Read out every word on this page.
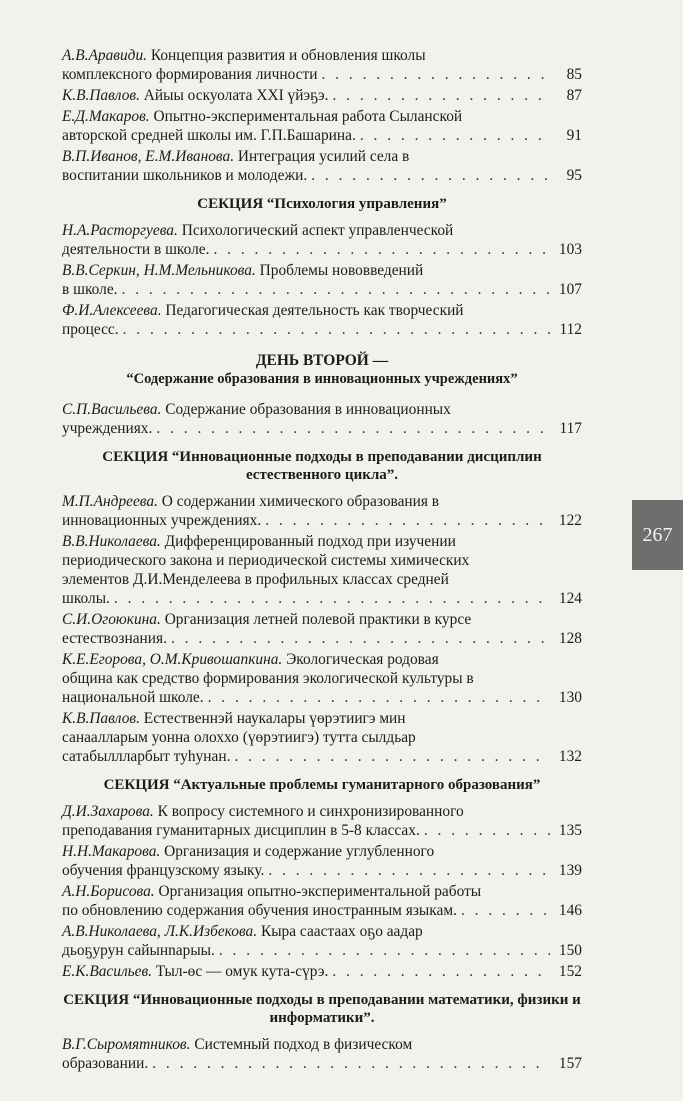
А.В.Аравиди. Концепция развития и обновления школы
комплексного формирования личности . . .	85
К.В.Павлов. Айыы оскуолата XXI үйэҕэ. . . .	87
Е.Д.Макаров. Опытно-экспериментальная работа Сыланской
авторской средней школы им. Г.П.Башарина. . . .	91
В.П.Иванов, Е.М.Иванова. Интеграция усилий села в
воспитании школьников и молодежи. . . .	95
СЕКЦИЯ “Психология управления”
Н.А.Расторгуева. Психологический аспект управленческой
деятельности в школе. . . .	103
В.В.Серкин, Н.М.Мельникова. Проблемы нововведений
в школе. . . .	107
Ф.И.Алексеева. Педагогическая деятельность как творческий
процесс. . . .	112
ДЕНЬ ВТОРОЙ —
“Содержание образования в инновационных учреждениях”
С.П.Васильева. Содержание образования в инновационных
учреждениях. . . .	117
СЕКЦИЯ “Инновационные подходы в преподавании дисциплин естественного цикла”.
М.П.Андреева. О содержании химического образования в
инновационных учреждениях. . . .	122
В.В.Николаева. Дифференцированный подход при изучении
периодического закона и периодической системы химических
элементов Д.И.Менделеева в профильных классах средней
школы. . . .	124
С.И.Огоюкина. Организация летней полевой практики в курсе
естествознания. . . .	128
К.Е.Егорова, О.М.Кривошапкина. Экологическая родовая
община как средство формирования экологической культуры в
национальной школе. . . .	130
К.В.Павлов. Естественнэй наукалары үөрэтиигэ мин
санаалларым уонна олоххо (үөрэтиигэ) тутта сылдьар
сатабыллларбыт туһунан. . . .	132
СЕКЦИЯ “Актуальные проблемы гуманитарного образования”
Д.И.Захарова. К вопросу системного и синхронизированного
преподавания гуманитарных дисциплин в 5-8 классах. . . .	135
Н.Н.Макарова. Организация и содержание углубленного
обучения французскому языку. . . .	139
А.Н.Борисова. Организация опытно-экспериментальной работы
по обновлению содержания обучения иностранным языкам. . . .	146
А.В.Николаева, Л.К.Избекова. Кыра саастаах оҕо аадар
дьоҕурун сайынnарыы. . . .	150
Е.К.Васильев. Тыл-өс — омук кута-сүрэ. . . .	152
СЕКЦИЯ “Инновационные подходы в преподавании математики, физики и информатики”.
В.Г.Сыромятников. Системный подход в физическом
образовании. . . .	157
267
